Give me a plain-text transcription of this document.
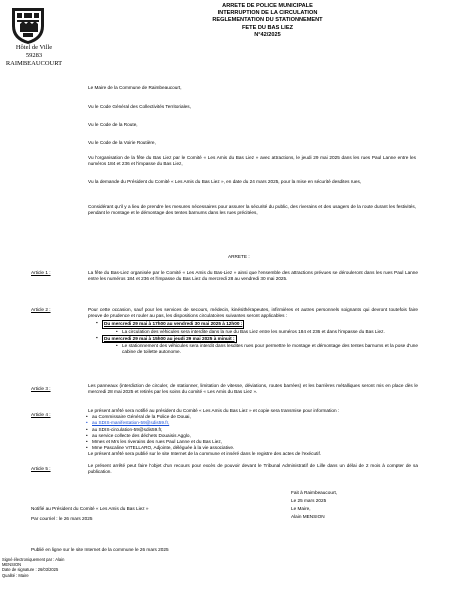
Hôtel de Ville
59283 RAIMBEAUCOURT
ARRETE DE POLICE MUNICIPALE
INTERRUPTION DE LA CIRCULATION
REGLEMENTATION DU STATIONNEMENT
FETE DU BAS LIEZ
N°42/2025
Le Maire de la Commune de Raimbeaucourt,
Vu le Code Général des Collectivités Territoriales,
Vu le Code de la Route,
Vu le Code de la Voirie Routière,
Vu l'organisation de la fête du Bas Liez par le Comité « Les Amis du Bas Liez » avec attractions, le jeudi 29 mai 2025 dans les rues Paul Lanne entre les numéros 184 et 236 et l'impasse du Bas Liez,
Vu la demande du Président du Comité « Les Amis du Bas Liez », en date du 24 mars 2025, pour la mise en sécurité desdites rues,
Considérant qu'il y a lieu de prendre les mesures nécessaires pour assurer la sécurité du public, des riverains et des usagers de la route durant les festivités, pendant le montage et le démontage des tentes barnums dans les rues précitées,
ARRETE :
Article 1 :	La fête du Bas-Liez organisée par le Comité « Les Amis du Bas-Liez » ainsi que l'ensemble des attractions prévues se dérouleront dans les rues Paul Lanne entre les numéros 184 et 236 et l'impasse du Bas Liez du mercredi 28 au vendredi 30 mai 2025.
Article 2 :	Pour cette occasion, sauf pour les services de secours, médecin, kinésithérapeutes, infirmières et autres personnels soignants qui devront toutefois faire preuve de prudence et rouler au pas, les dispositions circulatoires suivantes seront applicables :
▪ Du mercredi 29 mai à 17h00 au vendredi 30 mai 2025 à 12h00 :
• La circulation des véhicules sera interdite dans la rue du Bas Liez entre les numéros 184 et 236 et dans l'impasse du Bas Liez.
▪ Du mercredi 29 mai à 15h00 au jeudi 29 mai 2025 à minuit :
• Le stationnement des véhicules sera interdit dans lesdites rues pour permettre le montage et démontage des tentes barnums et la pose d'une cabine de toilette autonome.
Article 3 :
Les panneaux (interdiction de circuler, de stationner, limitation de vitesse, déviations, routes barrées) et les barrières métalliques seront mis en place dès le mercredi 28 mai 2025 et retirés par les soins du comité « Les Amis du Bas Liez ».
Article 4 :
Le présent arrêté sera notifié au président du Comité « Les Amis du Bas Liez » et copie sera transmise pour information :
• au Commissaire Général de la Police de Douai,
• au SDIS-manifestation-59@sdis59.fr,
• au SDIS-circulation-59@sdis59.fr,
• au service collecte des déchets Douaisis Agglo,
• Mmes et Mrs les riverains des rues Paul Lanne et du Bas Liez,
• Mme Pascaline VITELLARO, Adjointe, déléguée à la vie associative.
Le présent arrêté sera publié sur le site Internet de la commune et inséré dans le registre des actes de l'exécutif.
Article 5 :
Le présent arrêté peut faire l'objet d'un recours pour excès de pouvoir devant le Tribunal Administratif de Lille dans un délai de 2 mois à compter de sa publication.
Notifié au Président du Comité « Les Amis du Bas Liez »
Par courriel : le 26 mars 2025
Fait à Raimbeaucourt,
Le 25 mars 2025
Le Maire,
Alain MENSION
Publié en ligne sur le site Internet de la commune le 26 mars 2025
Signé électroniquement par : Alain
MENSION
Date de signature : 26/03/2025
Qualité : Maire
